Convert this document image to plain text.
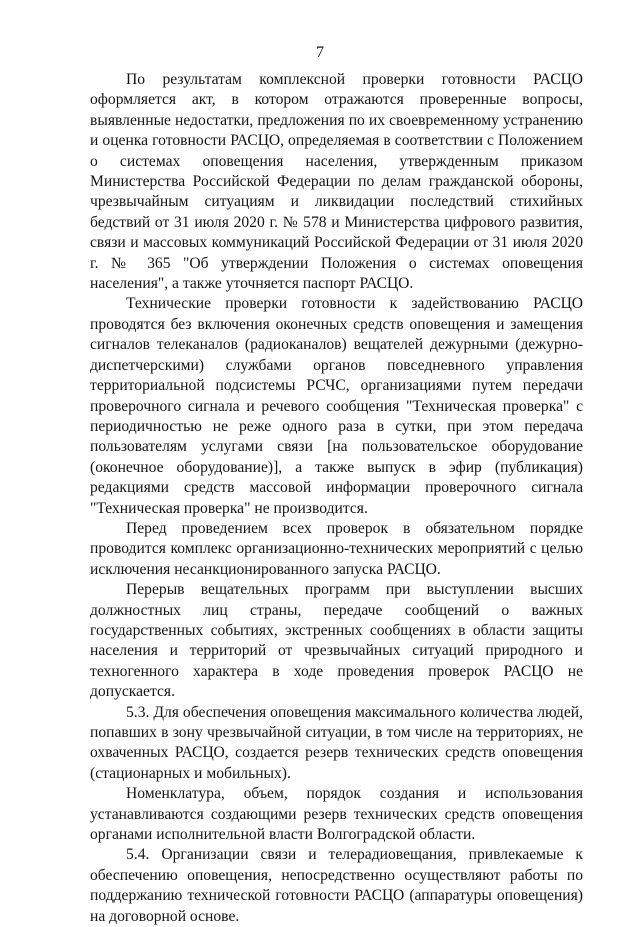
7

По результатам комплексной проверки готовности РАСЦО оформляется акт, в котором отражаются проверенные вопросы, выявленные недостатки, предложения по их своевременному устранению и оценка готовности РАСЦО, определяемая в соответствии с Положением о системах оповещения населения, утвержденным приказом Министерства Российской Федерации по делам гражданской обороны, чрезвычайным ситуациям и ликвидации последствий стихийных бедствий от 31 июля 2020 г. № 578 и Министерства цифрового развития, связи и массовых коммуникаций Российской Федерации от 31 июля 2020 г. № 365 "Об утверждении Положения о системах оповещения населения", а также уточняется паспорт РАСЦО.

Технические проверки готовности к задействованию РАСЦО проводятся без включения оконечных средств оповещения и замещения сигналов телеканалов (радиоканалов) вещателей дежурными (дежурно-диспетчерскими) службами органов повседневного управления территориальной подсистемы РСЧС, организациями путем передачи проверочного сигнала и речевого сообщения "Техническая проверка" с периодичностью не реже одного раза в сутки, при этом передача пользователям услугами связи [на пользовательское оборудование (оконечное оборудование)], а также выпуск в эфир (публикация) редакциями средств массовой информации проверочного сигнала "Техническая проверка" не производится.

Перед проведением всех проверок в обязательном порядке проводится комплекс организационно-технических мероприятий с целью исключения несанкционированного запуска РАСЦО.

Перерыв вещательных программ при выступлении высших должностных лиц страны, передаче сообщений о важных государственных событиях, экстренных сообщениях в области защиты населения и территорий от чрезвычайных ситуаций природного и техногенного характера в ходе проведения проверок РАСЦО не допускается.

5.3. Для обеспечения оповещения максимального количества людей, попавших в зону чрезвычайной ситуации, в том числе на территориях, не охваченных РАСЦО, создается резерв технических средств оповещения (стационарных и мобильных).

Номенклатура, объем, порядок создания и использования устанавливаются создающими резерв технических средств оповещения органами исполнительной власти Волгоградской области.

5.4. Организации связи и телерадиовещания, привлекаемые к обеспечению оповещения, непосредственно осуществляют работы по поддержанию технической готовности РАСЦО (аппаратуры оповещения) на договорной основе.
